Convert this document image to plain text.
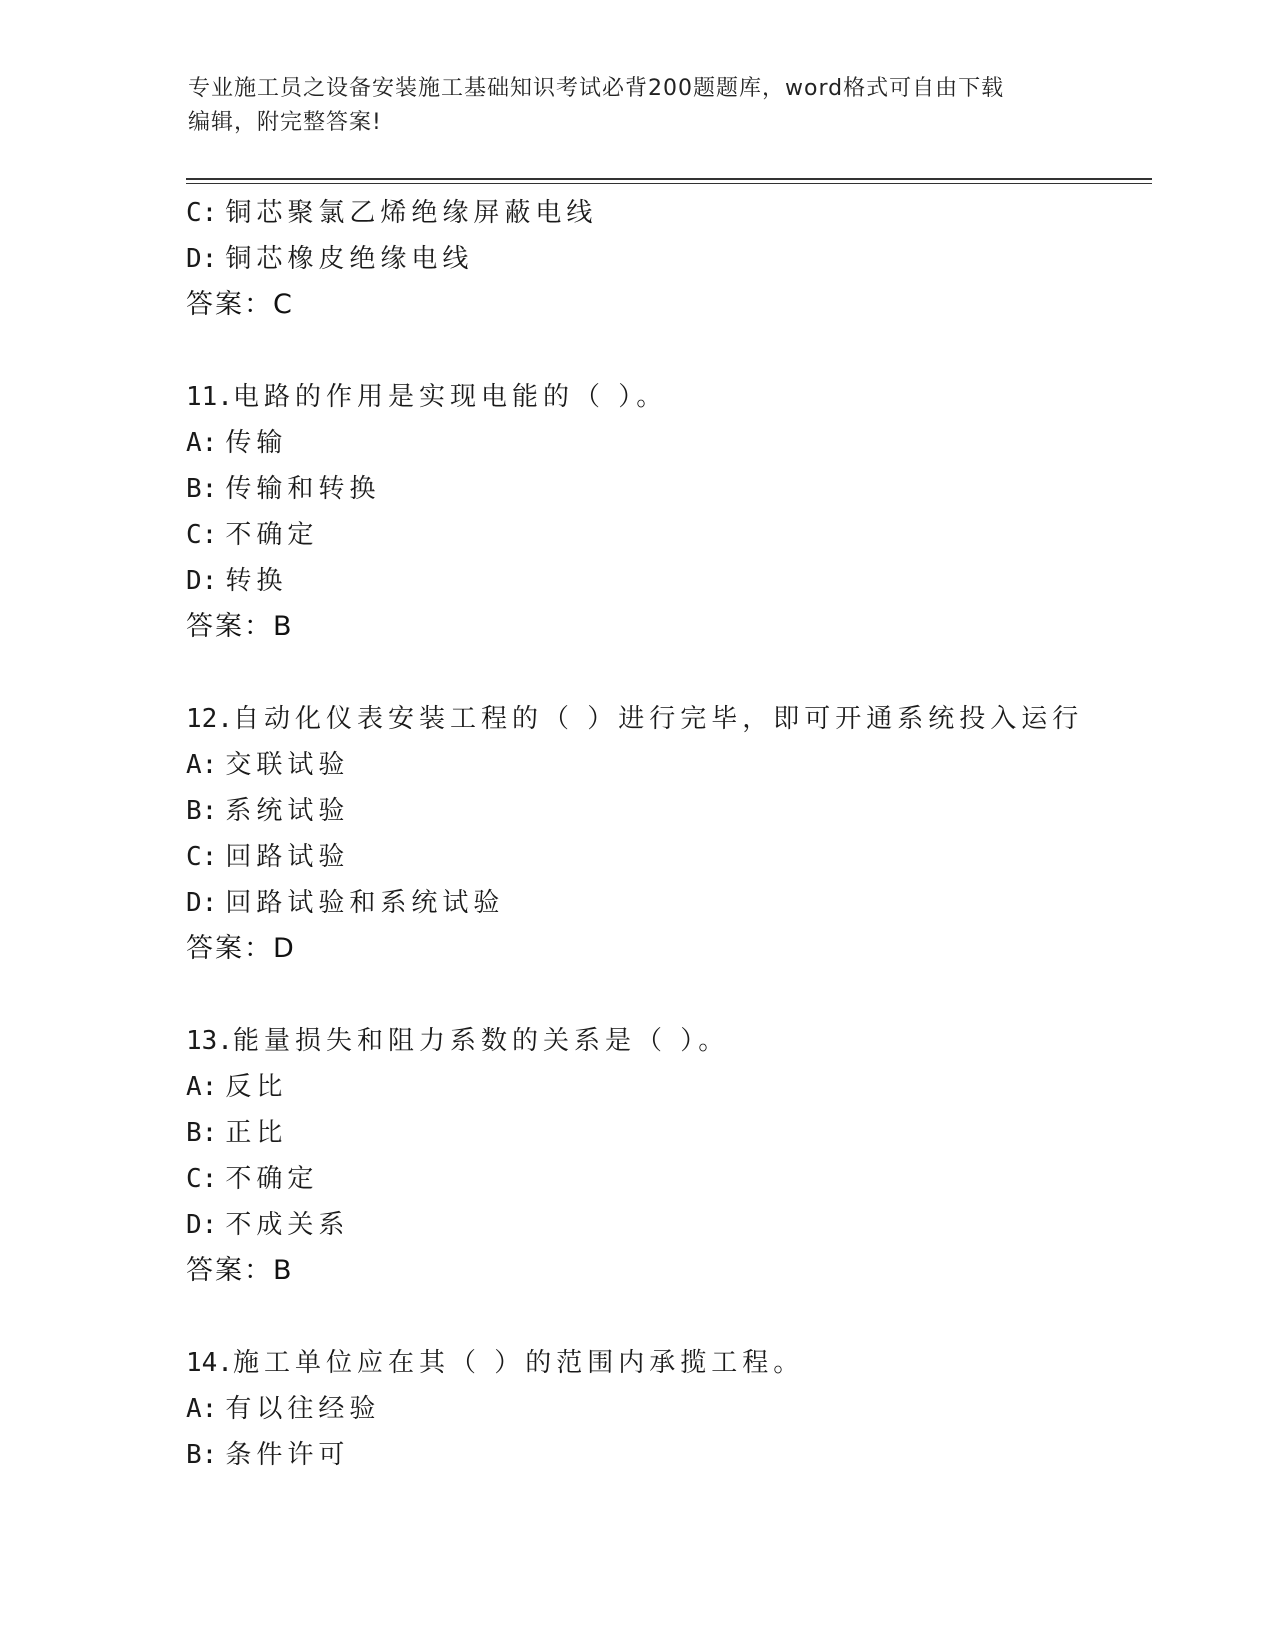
专业施工员之设备安装施工基础知识考试必背200题题库，word格式可自由下载
编辑，附完整答案!
C: 铜芯聚氯乙烯绝缘屏蔽电线
D: 铜芯橡皮绝缘电线
答案：C
11.电路的作用是实现电能的（ ）。
A: 传输
B: 传输和转换
C: 不确定
D: 转换
答案：B
12.自动化仪表安装工程的（ ）进行完毕，即可开通系统投入运行
A: 交联试验
B: 系统试验
C: 回路试验
D: 回路试验和系统试验
答案：D
13.能量损失和阻力系数的关系是（ ）。
A: 反比
B: 正比
C: 不确定
D: 不成关系
答案：B
14.施工单位应在其（ ）的范围内承揽工程。
A: 有以往经验
B: 条件许可
